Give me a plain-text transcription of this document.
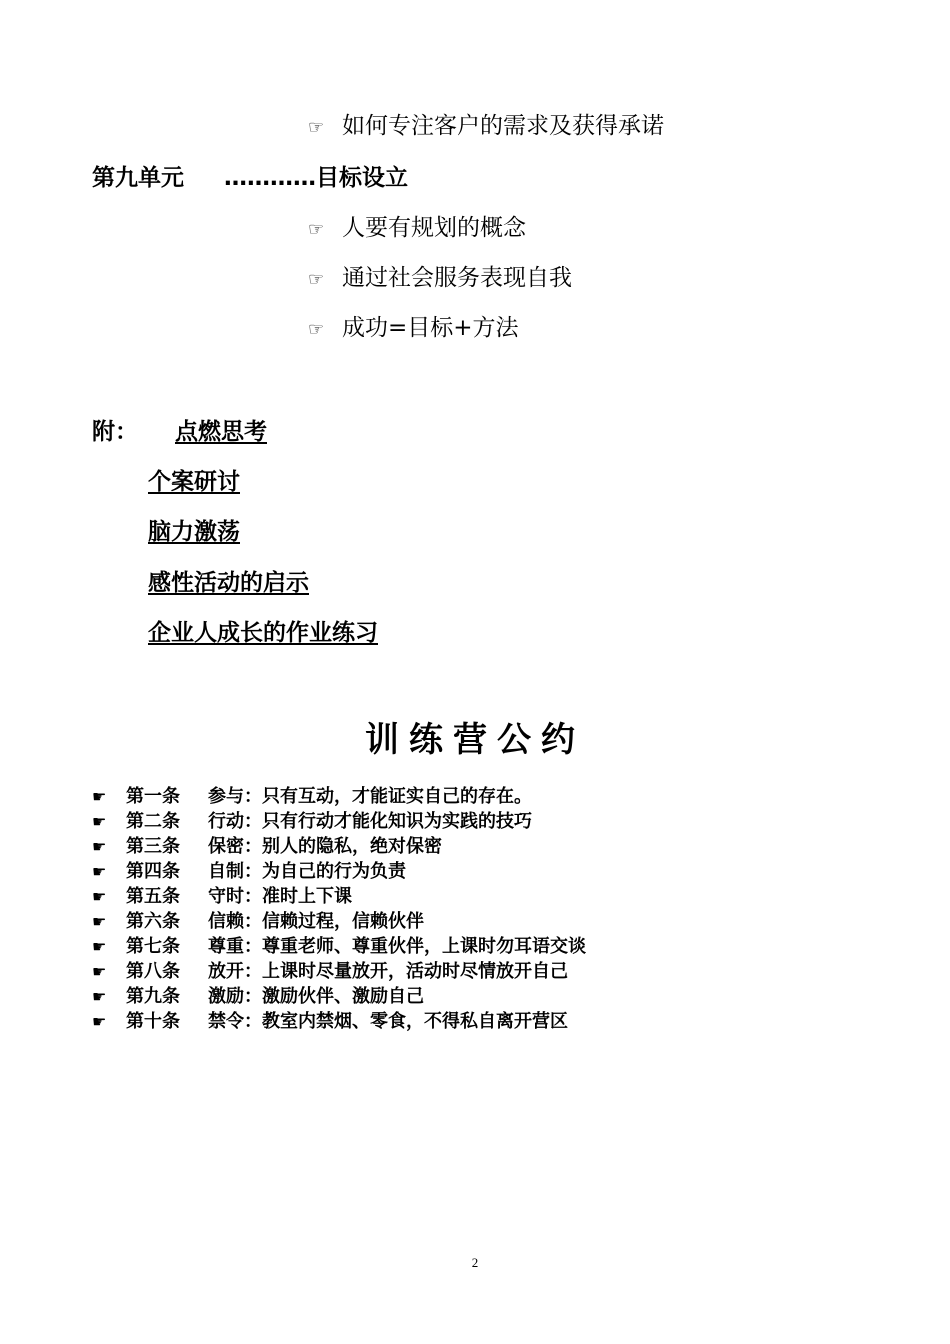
☞ 如何专注客户的需求及获得承诺
第九单元 …………目标设立
☞ 人要有规划的概念
☞ 通过社会服务表现自我
☞ 成功=目标+方法
附： 点燃思考
个案研讨
脑力激荡
感性活动的启示
企业人成长的作业练习
训练营公约
☛ 第一条 参与：只有互动，才能证实自己的存在。
☛ 第二条 行动：只有行动才能化知识为实践的技巧
☛ 第三条 保密：别人的隐私，绝对保密
☛ 第四条 自制：为自己的行为负责
☛ 第五条 守时：准时上下课
☛ 第六条 信赖：信赖过程，信赖伙伴
☛ 第七条 尊重：尊重老师、尊重伙伴，上课时勿耳语交谈
☛ 第八条 放开：上课时尽量放开，活动时尽情放开自己
☛ 第九条 激励：激励伙伴、激励自己
☛ 第十条 禁令：教室内禁烟、零食，不得私自离开营区
2
